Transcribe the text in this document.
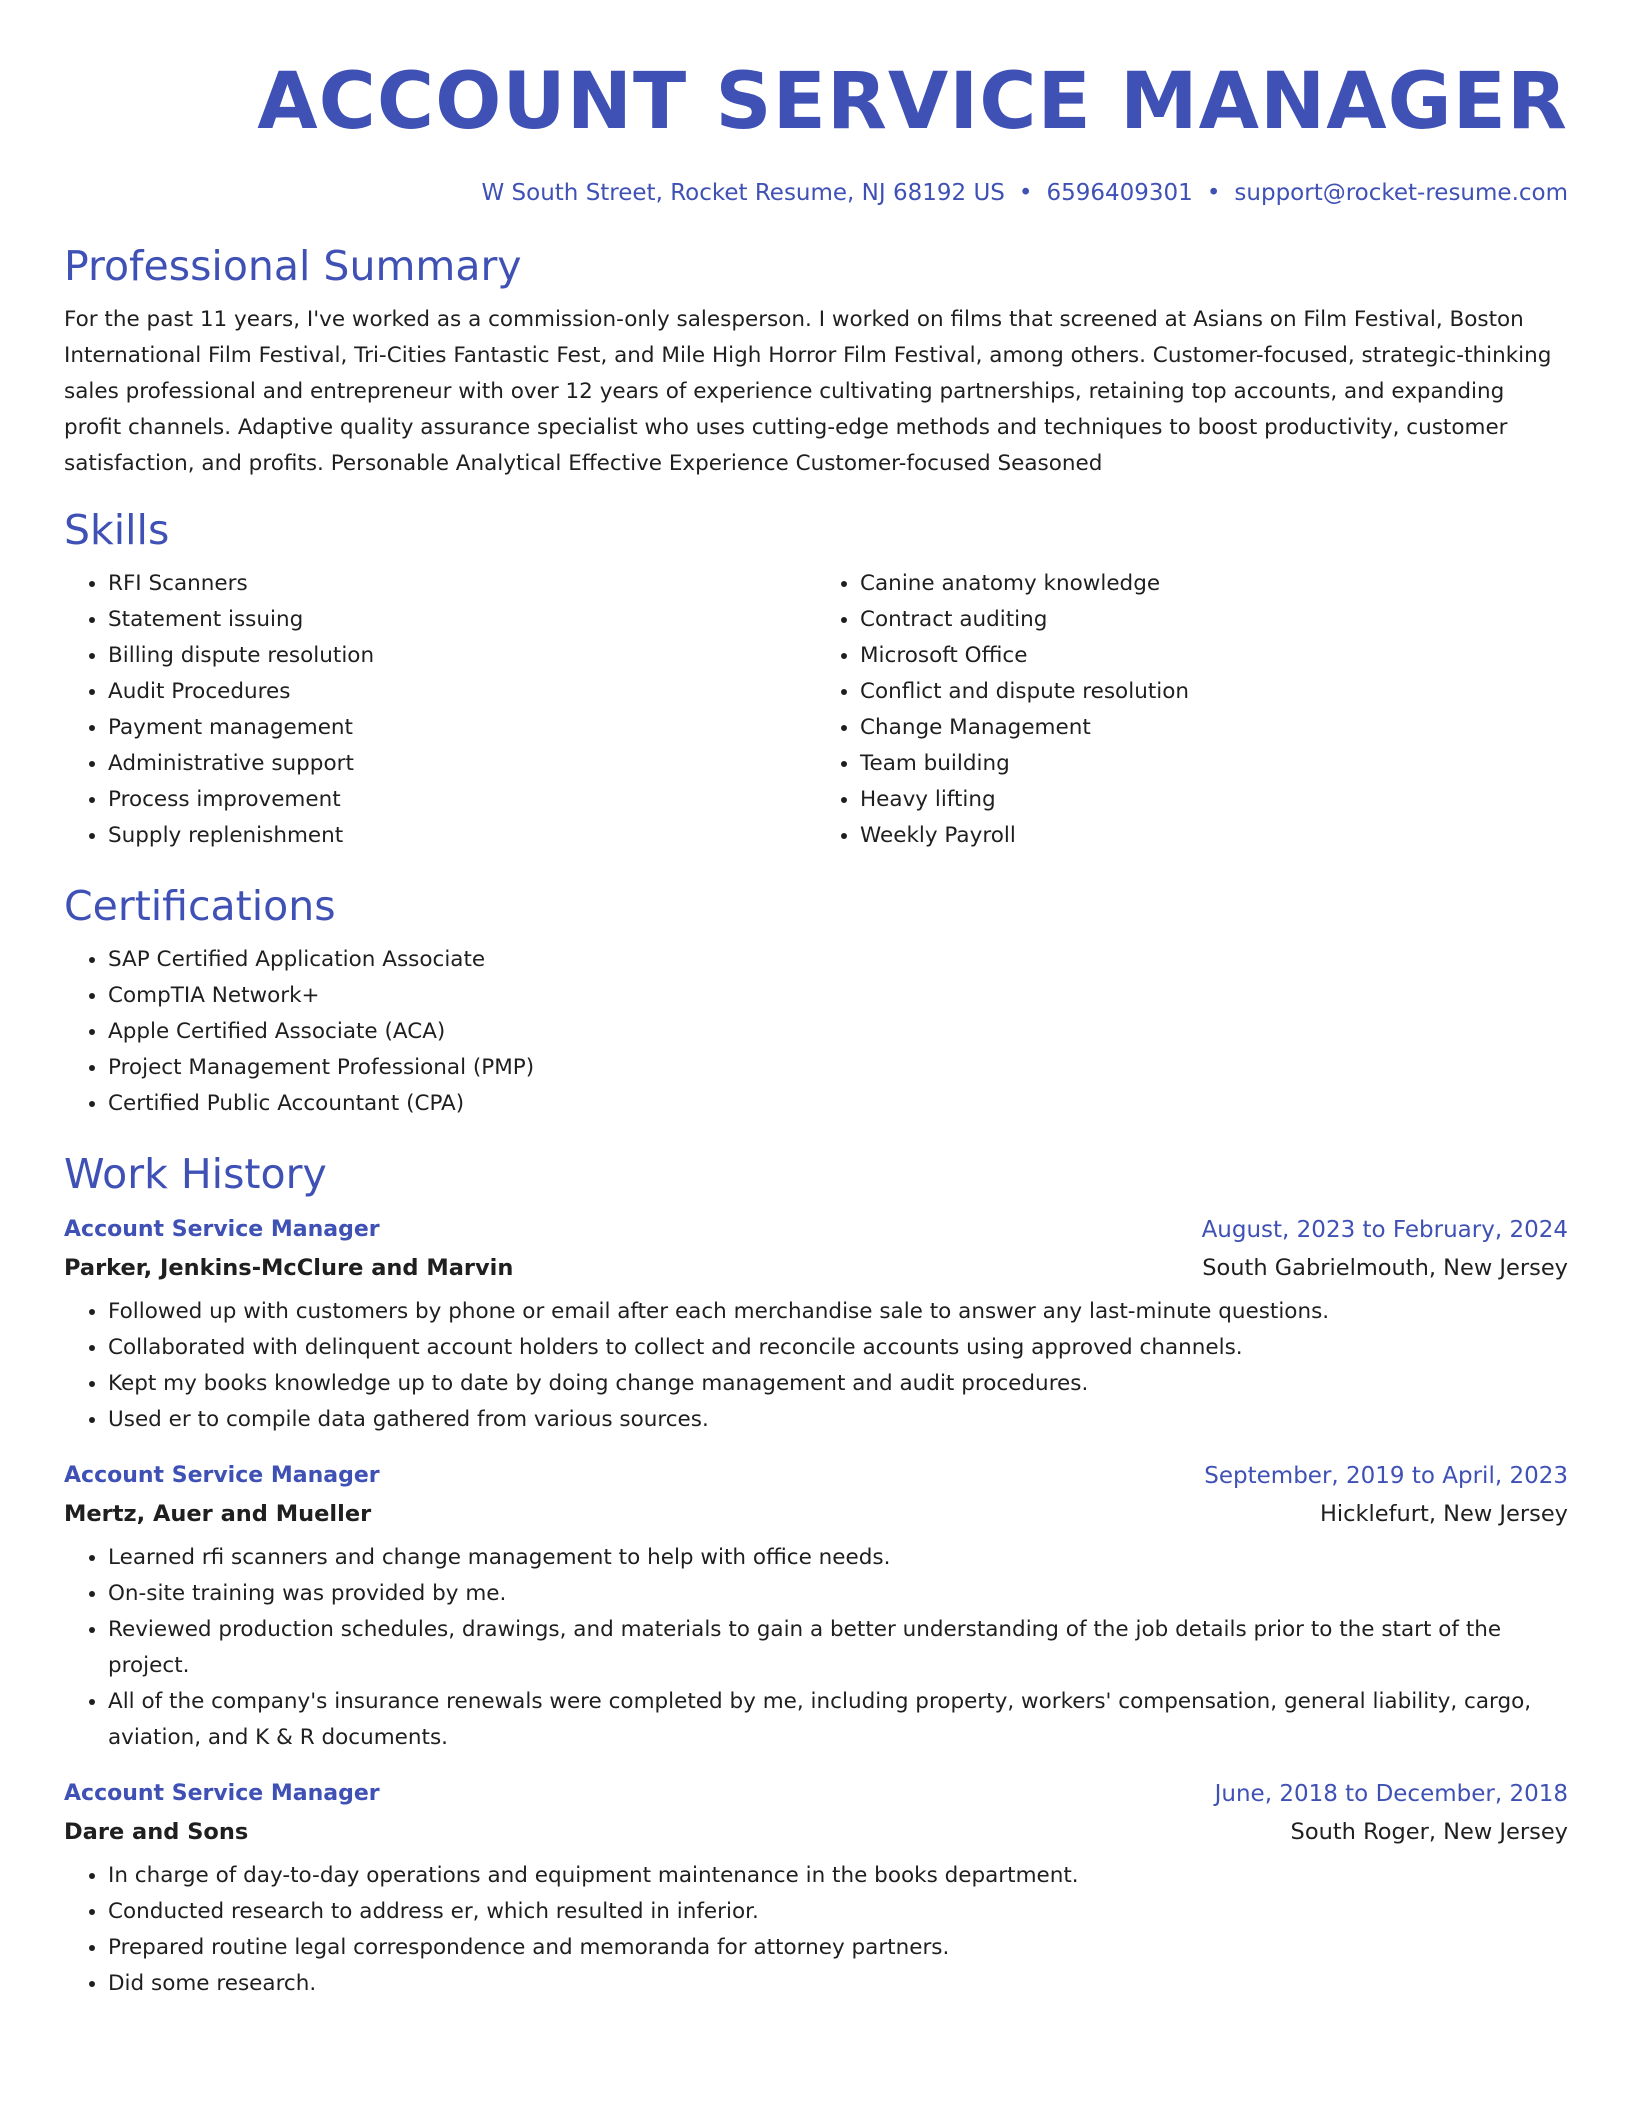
ACCOUNT SERVICE MANAGER
W South Street, Rocket Resume, NJ 68192 US • 6596409301 • support@rocket-resume.com
Professional Summary

For the past 11 years, I've worked as a commission-only salesperson. I worked on films that screened at Asians on Film Festival, Boston International Film Festival, Tri-Cities Fantastic Fest, and Mile High Horror Film Festival, among others. Customer-focused, strategic-thinking sales professional and entrepreneur with over 12 years of experience cultivating partnerships, retaining top accounts, and expanding profit channels. Adaptive quality assurance specialist who uses cutting-edge methods and techniques to boost productivity, customer satisfaction, and profits. Personable Analytical Effective Experience Customer-focused Seasoned

Skills
• RFI Scanners
• Statement issuing
• Billing dispute resolution
• Audit Procedures
• Payment management
• Administrative support
• Process improvement
• Supply replenishment
• Canine anatomy knowledge
• Contract auditing
• Microsoft Office
• Conflict and dispute resolution
• Change Management
• Team building
• Heavy lifting
• Weekly Payroll
Certifications
• SAP Certified Application Associate
• CompTIA Network+
• Apple Certified Associate (ACA)
• Project Management Professional (PMP)
• Certified Public Accountant (CPA)
Work History
Account Service Manager	August, 2023 to February, 2024
Parker, Jenkins-McClure and Marvin	South Gabrielmouth, New Jersey
• Followed up with customers by phone or email after each merchandise sale to answer any last-minute questions.
• Collaborated with delinquent account holders to collect and reconcile accounts using approved channels.
• Kept my books knowledge up to date by doing change management and audit procedures.
• Used er to compile data gathered from various sources.
Account Service Manager	September, 2019 to April, 2023
Mertz, Auer and Mueller	Hicklefurt, New Jersey
• Learned rfi scanners and change management to help with office needs.
• On-site training was provided by me.
• Reviewed production schedules, drawings, and materials to gain a better understanding of the job details prior to the start of the project.
• All of the company's insurance renewals were completed by me, including property, workers' compensation, general liability, cargo, aviation, and K & R documents.
Account Service Manager	June, 2018 to December, 2018
Dare and Sons	South Roger, New Jersey
• In charge of day-to-day operations and equipment maintenance in the books department.
• Conducted research to address er, which resulted in inferior.
• Prepared routine legal correspondence and memoranda for attorney partners.
• Did some research.
